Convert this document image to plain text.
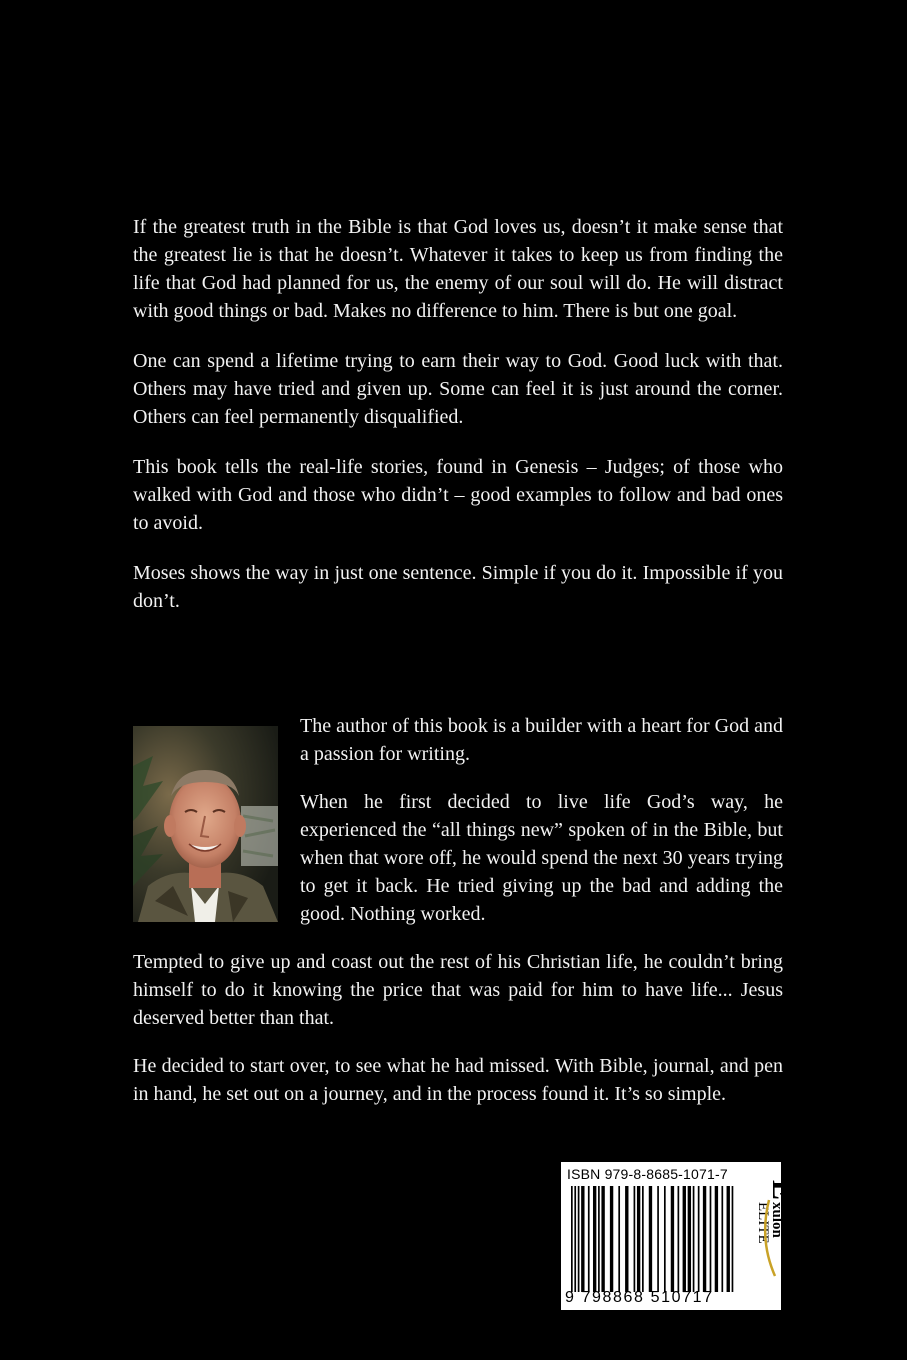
If the greatest truth in the Bible is that God loves us, doesn’t it make sense that the greatest lie is that he doesn’t. Whatever it takes to keep us from finding the life that God had planned for us, the enemy of our soul will do. He will distract with good things or bad. Makes no difference to him. There is but one goal.

One can spend a lifetime trying to earn their way to God. Good luck with that. Others may have tried and given up. Some can feel it is just around the corner. Others can feel permanently disqualified.

This book tells the real-life stories, found in Genesis – Judges; of those who walked with God and those who didn’t – good examples to follow and bad ones to avoid.

Moses shows the way in just one sentence. Simple if you do it. Impossible if you don’t.

The author of this book is a builder with a heart for God and a passion for writing.

When he first decided to live life God’s way, he experienced the “all things new” spoken of in the Bible, but when that wore off, he would spend the next 30 years trying to get it back. He tried giving up the bad and adding the good. Nothing worked.

Tempted to give up and coast out the rest of his Christian life, he couldn’t bring himself to do it knowing the price that was paid for him to have life... Jesus deserved better than that.

He decided to start over, to see what he had missed. With Bible, journal, and pen in hand, he set out on a journey, and in the process found it. It’s so simple.

ISBN 979-8-8685-1071-7
9 798868 510717
E
xulon
ELITE
